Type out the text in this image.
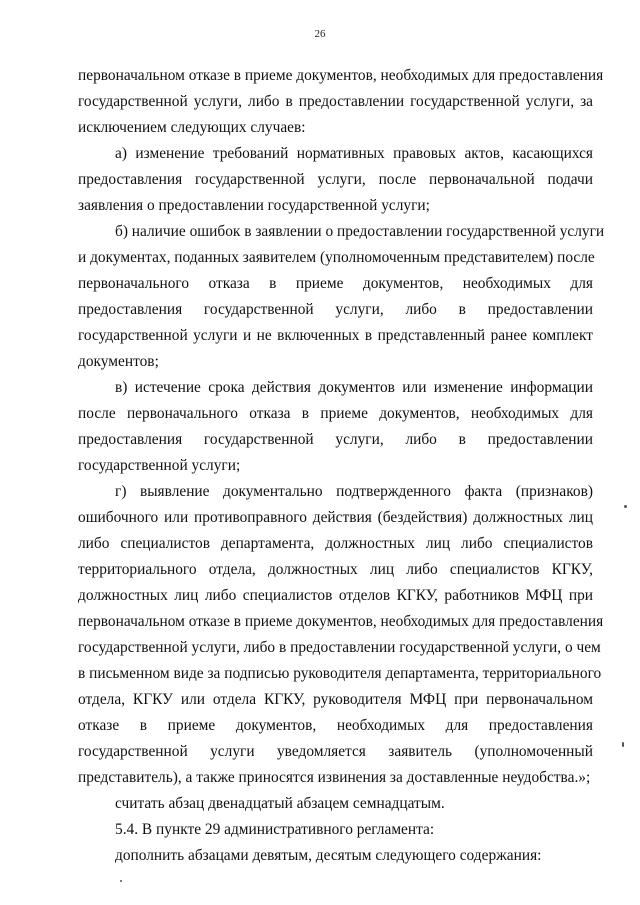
26
первоначальном отказе в приеме документов, необходимых для предоставления
государственной услуги, либо в предоставлении государственной услуги, за
исключением следующих случаев:
а) изменение требований нормативных правовых актов, касающихся
предоставления государственной услуги, после первоначальной подачи
заявления о предоставлении государственной услуги;
б) наличие ошибок в заявлении о предоставлении государственной услуги
и документах, поданных заявителем (уполномоченным представителем) после
первоначального отказа в приеме документов, необходимых для
предоставления государственной услуги, либо в предоставлении
государственной услуги и не включенных в представленный ранее комплект
документов;
в) истечение срока действия документов или изменение информации
после первоначального отказа в приеме документов, необходимых для
предоставления государственной услуги, либо в предоставлении
государственной услуги;
г) выявление документально подтвержденного факта (признаков)
ошибочного или противоправного действия (бездействия) должностных лиц
либо специалистов департамента, должностных лиц либо специалистов
территориального отдела, должностных лиц либо специалистов КГКУ,
должностных лиц либо специалистов отделов КГКУ, работников МФЦ при
первоначальном отказе в приеме документов, необходимых для предоставления
государственной услуги, либо в предоставлении государственной услуги, о чем
в письменном виде за подписью руководителя департамента, территориального
отдела, КГКУ или отдела КГКУ, руководителя МФЦ при первоначальном
отказе в приеме документов, необходимых для предоставления
государственной услуги уведомляется заявитель (уполномоченный
представитель), а также приносятся извинения за доставленные неудобства.»;
считать абзац двенадцатый абзацем семнадцатым.
5.4. В пункте 29 административного регламента:
дополнить абзацами девятым, десятым следующего содержания:
